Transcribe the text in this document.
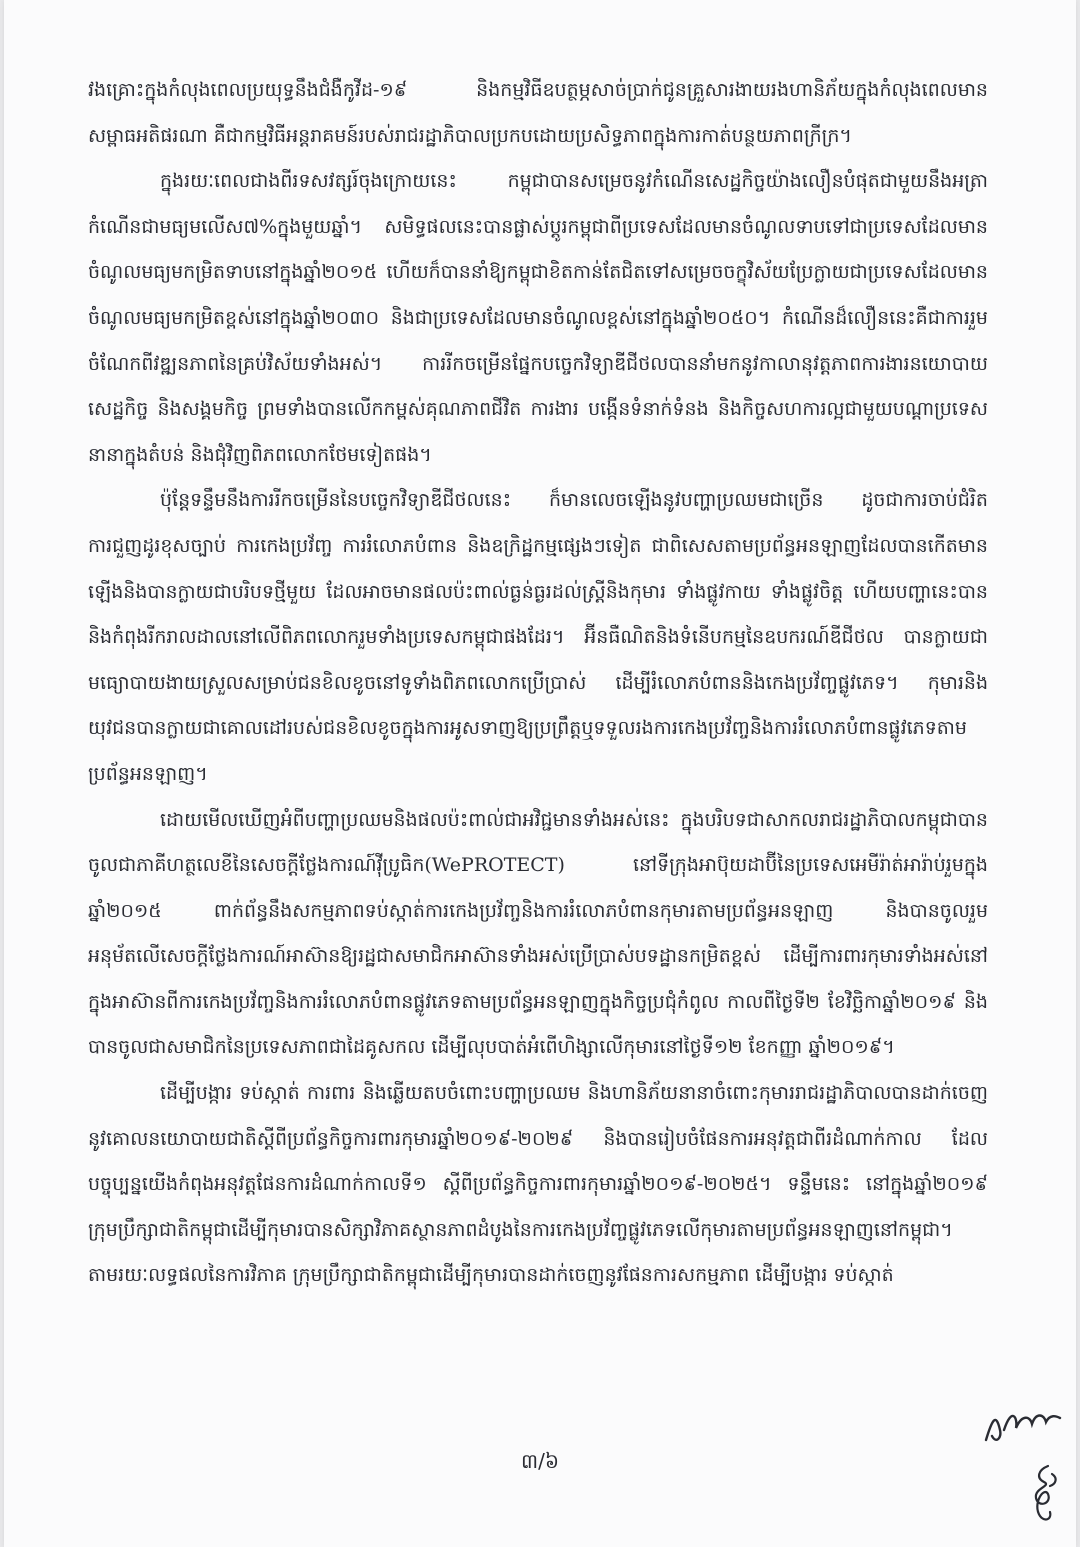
វងគ្រោះក្នុងកំលុងពេលប្រយុទ្ធនឹងជំងឺកូវីដ-១៩ និងកម្មវិធីឧបត្ថម្ភសាច់ប្រាក់ជូនគ្រួសារងាយរងហានិភ័យក្នុងកំលុងពេលមានសម្ពាធអតិផរណា គឺជាកម្មវិធីអន្តរាគមន៍របស់រាជរដ្ឋាភិបាលប្រកបដោយប្រសិទ្ធភាពក្នុងការកាត់បន្ថយភាពក្រីក្រ។

ក្នុងរយៈពេលជាងពីរទសវត្សរ៍ចុងក្រោយនេះ កម្ពុជាបានសម្រេចនូវកំណើនសេដ្ឋកិច្ចយ៉ាងលឿនបំផុតជាមួយនឹងអត្រាកំណើនជាមធ្យមលើស៧%ក្នុងមួយឆ្នាំ។ សមិទ្ធផលនេះបានផ្លាស់ប្តូរកម្ពុជាពីប្រទេសដែលមានចំណូលទាបទៅជាប្រទេសដែលមានចំណូលមធ្យមកម្រិតទាបនៅក្នុងឆ្នាំ២០១៥ ហើយក៏បាននាំឱ្យកម្ពុជាខិតកាន់តែជិតទៅសម្រេចចក្ខុវិស័យប្រែក្លាយជាប្រទេសដែលមានចំណូលមធ្យមកម្រិតខ្ពស់នៅក្នុងឆ្នាំ២០៣០ និងជាប្រទេសដែលមានចំណូលខ្ពស់នៅក្នុងឆ្នាំ២០៥០។ កំណើនដ៏លឿននេះគឺជាការរួមចំណែកពីវឌ្ឍនភាពនៃគ្រប់វិស័យទាំងអស់។ ការរីកចម្រើនផ្នែកបច្ចេកវិទ្យាឌីជីថលបាននាំមកនូវកាលានុវត្តភាពការងារនយោបាយ សេដ្ឋកិច្ច និងសង្គមកិច្ច ព្រមទាំងបានលើកកម្ពស់គុណភាពជីវិត ការងារ បង្កើនទំនាក់ទំនង និងកិច្ចសហការល្អជាមួយបណ្តាប្រទេសនានាក្នុងតំបន់ និងជុំវិញពិភពលោកថែមទៀតផង។

ប៉ុន្តែទន្ទឹមនឹងការរីកចម្រើននៃបច្ចេកវិទ្យាឌីជីថលនេះ ក៏មានលេចឡើងនូវបញ្ហាប្រឈមជាច្រើន ដូចជាការចាប់ជំរិត ការជួញដូរខុសច្បាប់ ការកេងប្រវ័ញ្ច ការរំលោភបំពាន និងឧក្រិដ្ឋកម្មផ្សេងៗទៀត ជាពិសេសតាមប្រព័ន្ធអនឡាញដែលបានកើតមានឡើងនិងបានក្លាយជាបរិបទថ្មីមួយ ដែលអាចមានផលប៉ះពាល់ធ្ងន់ធ្ងរដល់ស្ត្រីនិងកុមារ ទាំងផ្លូវកាយ ទាំងផ្លូវចិត្ត ហើយបញ្ហានេះបាននិងកំពុងរីករាលដាលនៅលើពិភពលោករួមទាំងប្រទេសកម្ពុជាផងដែរ។ អ៊ីនធឺណិតនិងទំនើបកម្មនៃឧបករណ៍ឌីជីថល បានក្លាយជាមធ្យោបាយងាយស្រួលសម្រាប់ជនខិលខូចនៅទូទាំងពិភពលោកប្រើប្រាស់ ដើម្បីរំលោភបំពាននិងកេងប្រវ័ញ្ចផ្លូវភេទ។ កុមារនិងយុវជនបានក្លាយជាគោលដៅរបស់ជនខិលខូចក្នុងការអូសទាញឱ្យប្រព្រឹត្តឬទទួលរងការកេងប្រវ័ញ្ចនិងការរំលោភបំពានផ្លូវភេទតាមប្រព័ន្ធអនឡាញ។

ដោយមើលឃើញអំពីបញ្ហាប្រឈមនិងផលប៉ះពាល់ជាអវិជ្ជមានទាំងអស់នេះ ក្នុងបរិបទជាសាកលរាជរដ្ឋាភិបាលកម្ពុជាបានចូលជាភាគីហត្ថលេខីនៃសេចក្តីថ្លែងការណ៍វ៉ីប្រូធិក(WePROTECT) នៅទីក្រុងអាប៊ុយដាប៊ីនៃប្រទេសអេមីរ៉ាត់អារ៉ាប់រួមក្នុងឆ្នាំ២០១៥ ពាក់ព័ន្ធនឹងសកម្មភាពទប់ស្កាត់ការកេងប្រវ័ញ្ចនិងការរំលោភបំពានកុមារតាមប្រព័ន្ធអនឡាញ និងបានចូលរួមអនុម័តលើសេចក្តីថ្លែងការណ៍អាស៊ានឱ្យរដ្ឋជាសមាជិកអាស៊ានទាំងអស់ប្រើប្រាស់បទដ្ឋានកម្រិតខ្ពស់ ដើម្បីការពារកុមារទាំងអស់នៅក្នុងអាស៊ានពីការកេងប្រវ័ញ្ចនិងការរំលោភបំពានផ្លូវភេទតាមប្រព័ន្ធអនឡាញក្នុងកិច្ចប្រជុំកំពូល កាលពីថ្ងៃទី២ ខែវិច្ឆិកាឆ្នាំ២០១៩ និងបានចូលជាសមាជិកនៃប្រទេសភាពជាដៃគូសកល ដើម្បីលុបបាត់អំពើហិង្សាលើកុមារនៅថ្ងៃទី១២ ខែកញ្ញា ឆ្នាំ២០១៩។

ដើម្បីបង្ការ ទប់ស្កាត់ ការពារ និងឆ្លើយតបចំពោះបញ្ហាប្រឈម និងហានិភ័យនានាចំពោះកុមាររាជរដ្ឋាភិបាលបានដាក់ចេញនូវគោលនយោបាយជាតិស្តីពីប្រព័ន្ធកិច្ចការពារកុមារឆ្នាំ២០១៩-២០២៩ និងបានរៀបចំផែនការអនុវត្តជាពីរដំណាក់កាល ដែលបច្ចុប្បន្នយើងកំពុងអនុវត្តផែនការដំណាក់កាលទី១ ស្តីពីប្រព័ន្ធកិច្ចការពារកុមារឆ្នាំ២០១៩-២០២៥។ ទន្ទឹមនេះ នៅក្នុងឆ្នាំ២០១៩ ក្រុមប្រឹក្សាជាតិកម្ពុជាដើម្បីកុមារបានសិក្សាវិភាគស្ថានភាពដំបូងនៃការកេងប្រវ័ញ្ចផ្លូវភេទលើកុមារតាមប្រព័ន្ធអនឡាញនៅកម្ពុជា។ តាមរយៈលទ្ធផលនៃការវិភាគ ក្រុមប្រឹក្សាជាតិកម្ពុជាដើម្បីកុមារបានដាក់ចេញនូវផែនការសកម្មភាព ដើម្បីបង្ការ ទប់ស្កាត់

៣/៦
